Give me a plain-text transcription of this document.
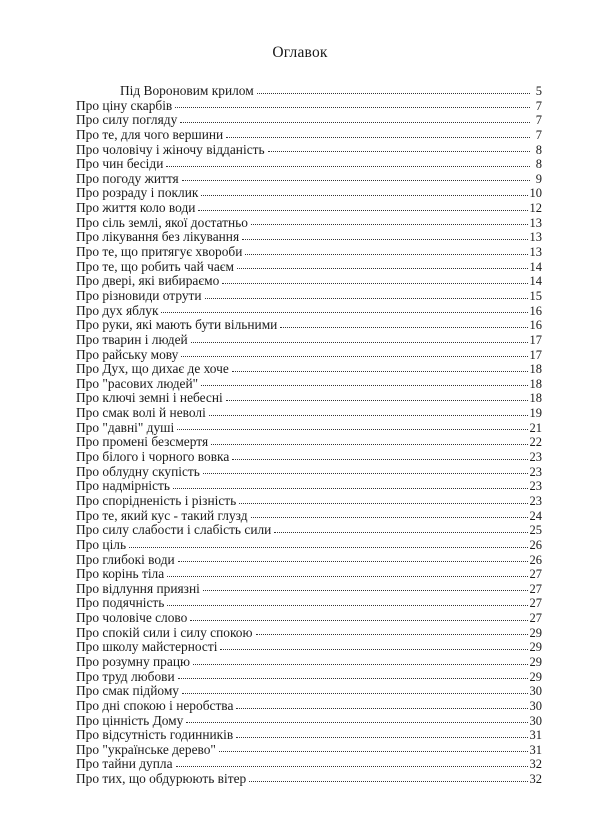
Оглавок
Під Вороновим крилом	5
Про ціну скарбів	7
Про силу погляду	7
Про те, для чого вершини	7
Про чоловічу і жіночу відданість	8
Про чин бесіди	8
Про погоду життя	9
Про розраду і поклик	10
Про життя коло води	12
Про сіль землі, якої достатньо	13
Про лікування без лікування	13
Про те, що притягує хвороби	13
Про те, що робить чай чаєм	14
Про двері, які вибираємо	14
Про різновиди отрути	15
Про дух яблук	16
Про руки, які мають бути вільними	16
Про тварин і людей	17
Про райську мову	17
Про Дух, що дихає де хоче	18
Про "расових людей"	18
Про ключі земні і небесні	18
Про смак волі й неволі	19
Про "давні" душі	21
Про промені безсмертя	22
Про білого і чорного вовка	23
Про облудну скупість	23
Про надмірність	23
Про спорідненість і різність	23
Про те, який кус - такий глузд	24
Про силу слабости і слабість сили	25
Про ціль	26
Про глибокі води	26
Про корінь тіла	27
Про відлуння приязні	27
Про подячність	27
Про чоловіче слово	27
Про спокій сили і силу спокою	29
Про школу майстерності	29
Про розумну працю	29
Про труд любови	29
Про смак підйому	30
Про дні спокою і неробства	30
Про цінність Дому	30
Про відсутність годинників	31
Про "українське дерево"	31
Про тайни дупла	32
Про тих, що обдурюють вітер	32
